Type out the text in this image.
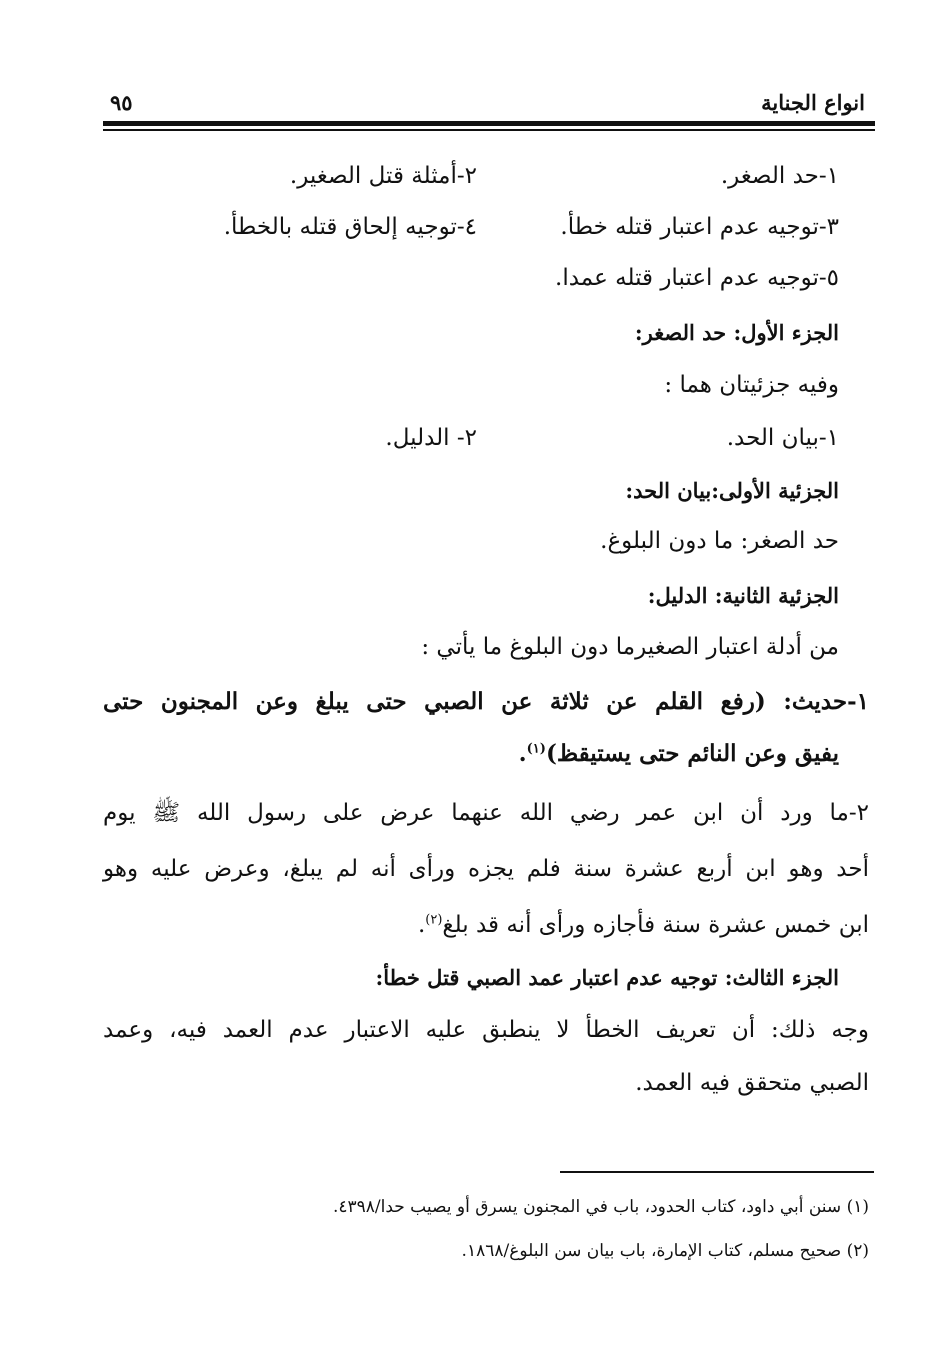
انواع الجناية
٩٥
١-حد الصغر.
٢-أمثلة قتل الصغير.
٣-توجيه عدم اعتبار قتله خطأ.
٤-توجيه إلحاق قتله بالخطأ.
٥-توجيه عدم اعتبار قتله عمدا.
الجزء الأول: حد الصغر:
وفيه جزئيتان هما :
١-بيان الحد.
٢- الدليل.
الجزئية الأولى:بيان الحد:
حد الصغر: ما دون البلوغ.
الجزئية الثانية: الدليل:
من أدلة اعتبار الصغيرما دون البلوغ ما يأتي :
١-حديث: (رفع القلم عن ثلاثة عن الصبي حتى يبلغ وعن المجنون حتى
يفيق وعن النائم حتى يستيقظ)$^{(١)}$.
٢-ما ورد أن ابن عمر رضي الله عنهما عرض على رسول الله ﷺ يوم
أحد وهو ابن أربع عشرة سنة فلم يجزه ورأى أنه لم يبلغ، وعرض عليه وهو
ابن خمس عشرة سنة فأجازه ورأى أنه قد بلغ$^{(٢)}$.
الجزء الثالث: توجيه عدم اعتبار عمد الصبي قتل خطأ:
وجه ذلك: أن تعريف الخطأ لا ينطبق عليه الاعتبار عدم العمد فيه، وعمد
الصبي متحقق فيه العمد.
(١) سنن أبي داود، كتاب الحدود، باب في المجنون يسرق أو يصيب حدا/٤٣٩٨.
(٢) صحيح مسلم، كتاب الإمارة، باب بيان سن البلوغ/١٨٦٨.
